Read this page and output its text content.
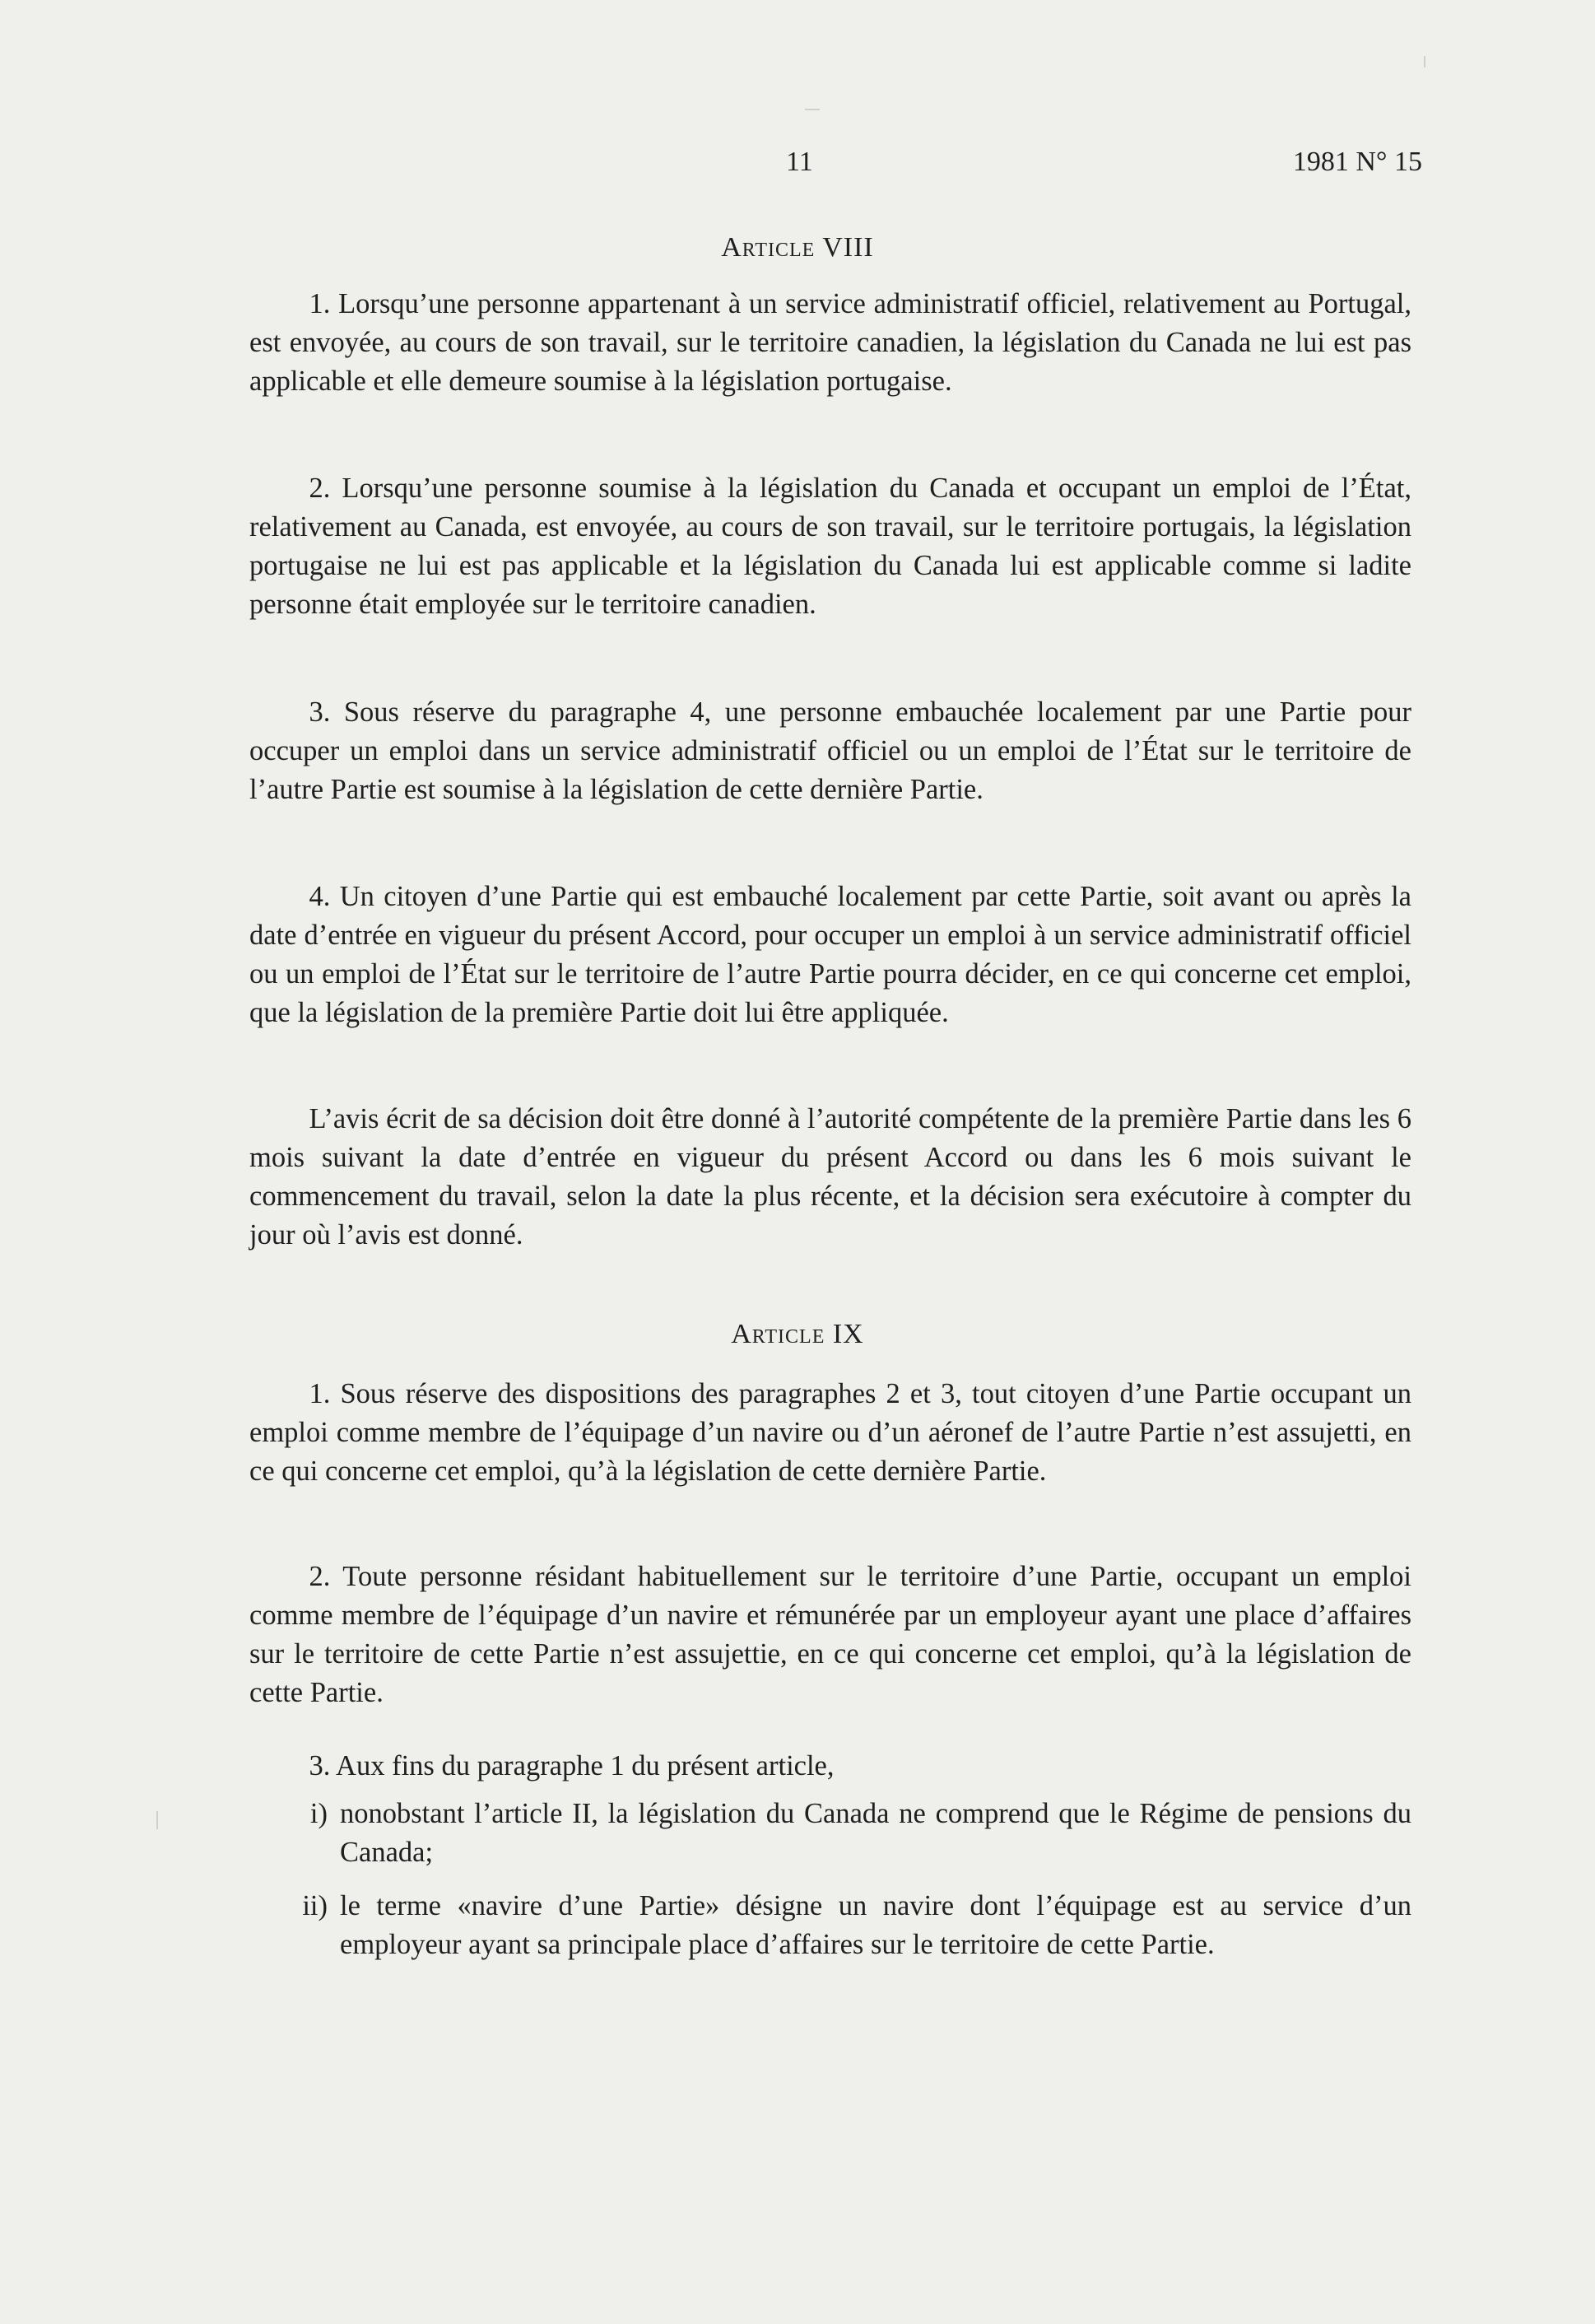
11	1981 N° 15
Article VIII

1. Lorsqu’une personne appartenant à un service administratif officiel, relativement au Portugal, est envoyée, au cours de son travail, sur le territoire canadien, la législation du Canada ne lui est pas applicable et elle demeure soumise à la législation portugaise.

2. Lorsqu’une personne soumise à la législation du Canada et occupant un emploi de l’État, relativement au Canada, est envoyée, au cours de son travail, sur le territoire portugais, la législation portugaise ne lui est pas applicable et la législation du Canada lui est applicable comme si ladite personne était employée sur le territoire canadien.

3. Sous réserve du paragraphe 4, une personne embauchée localement par une Partie pour occuper un emploi dans un service administratif officiel ou un emploi de l’État sur le territoire de l’autre Partie est soumise à la législation de cette dernière Partie.

4. Un citoyen d’une Partie qui est embauché localement par cette Partie, soit avant ou après la date d’entrée en vigueur du présent Accord, pour occuper un emploi à un service administratif officiel ou un emploi de l’État sur le territoire de l’autre Partie pourra décider, en ce qui concerne cet emploi, que la législation de la première Partie doit lui être appliquée.

L’avis écrit de sa décision doit être donné à l’autorité compétente de la première Partie dans les 6 mois suivant la date d’entrée en vigueur du présent Accord ou dans les 6 mois suivant le commencement du travail, selon la date la plus récente, et la décision sera exécutoire à compter du jour où l’avis est donné.

Article IX

1. Sous réserve des dispositions des paragraphes 2 et 3, tout citoyen d’une Partie occupant un emploi comme membre de l’équipage d’un navire ou d’un aéronef de l’autre Partie n’est assujetti, en ce qui concerne cet emploi, qu’à la législation de cette dernière Partie.

2. Toute personne résidant habituellement sur le territoire d’une Partie, occupant un emploi comme membre de l’équipage d’un navire et rémunérée par un employeur ayant une place d’affaires sur le territoire de cette Partie n’est assujettie, en ce qui concerne cet emploi, qu’à la législation de cette Partie.

3. Aux fins du paragraphe 1 du présent article,
i) nonobstant l’article II, la législation du Canada ne comprend que le Régime de pensions du Canada;
ii) le terme «navire d’une Partie» désigne un navire dont l’équipage est au service d’un employeur ayant sa principale place d’affaires sur le territoire de cette Partie.
